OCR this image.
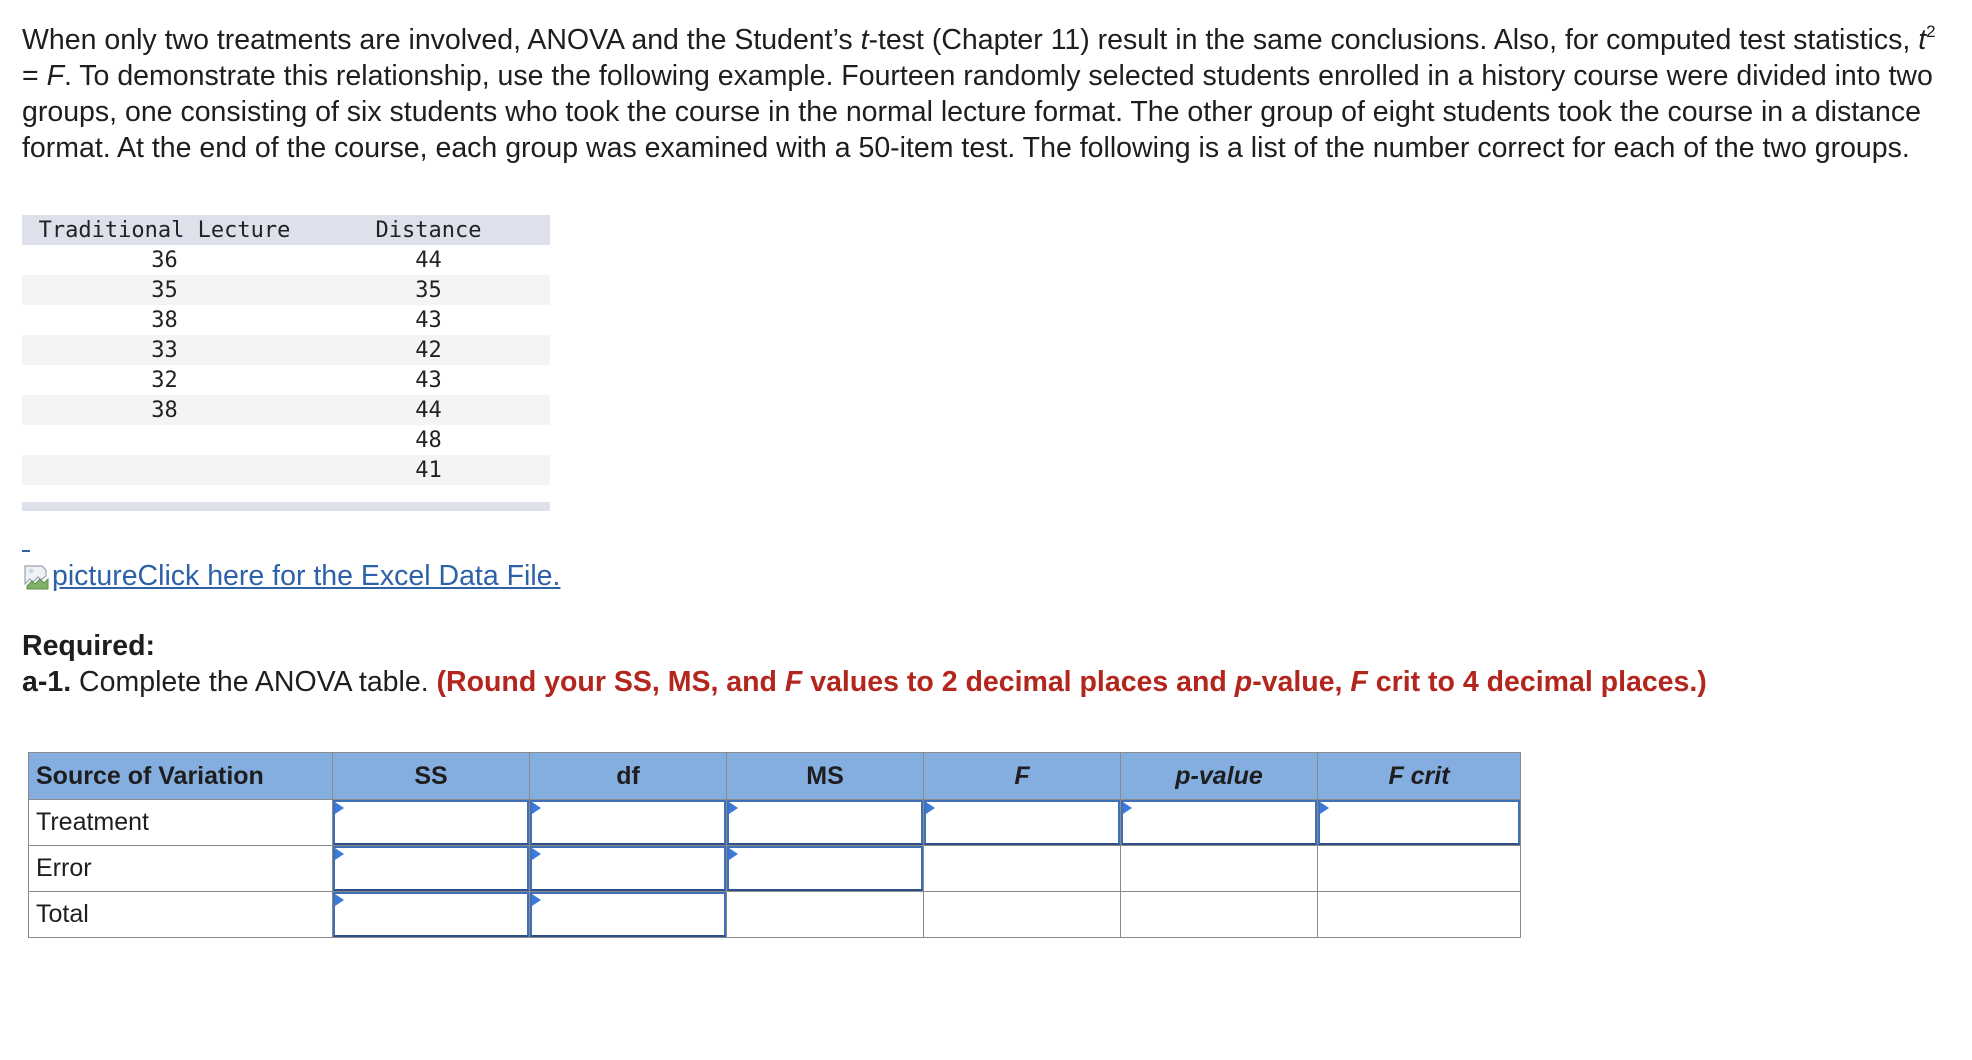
When only two treatments are involved, ANOVA and the Student’s t-test (Chapter 11) result in the same conclusions. Also, for computed test statistics, $t^2 = F$. To demonstrate this relationship, use the following example. Fourteen randomly selected students enrolled in a history course were divided into two groups, one consisting of six students who took the course in the normal lecture format. The other group of eight students took the course in a distance format. At the end of the course, each group was examined with a 50-item test. The following is a list of the number correct for each of the two groups.

Traditional Lecture	Distance
36	44
35	35
38	43
33	42
32	43
38	44
	48
	41
picture Click here for the Excel Data File.
Required:
a-1. Complete the ANOVA table. (Round your SS, MS, and F values to 2 decimal places and p-value, F crit to 4 decimal places.)
Source of Variation	SS	df	MS	F	p-value	F crit
Treatment	

Error	

Total	
